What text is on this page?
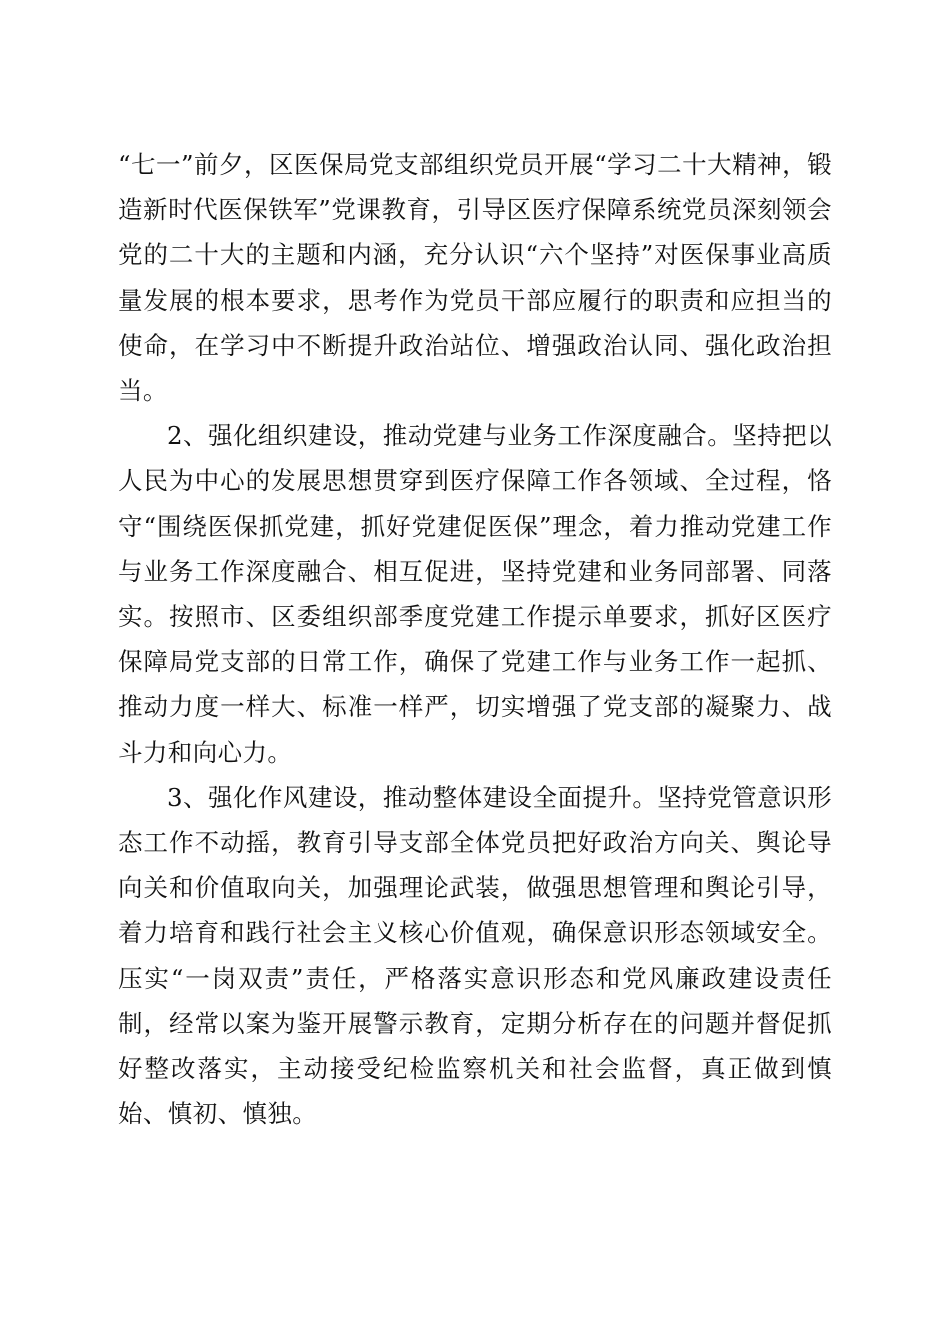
“七一”前夕，区医保局党支部组织党员开展“学习二十大精神，锻造新时代医保铁军”党课教育，引导区医疗保障系统党员深刻领会党的二十大的主题和内涵，充分认识“六个坚持”对医保事业高质量发展的根本要求，思考作为党员干部应履行的职责和应担当的使命，在学习中不断提升政治站位、增强政治认同、强化政治担当。

2、强化组织建设，推动党建与业务工作深度融合。坚持把以人民为中心的发展思想贯穿到医疗保障工作各领域、全过程，恪守“围绕医保抓党建，抓好党建促医保”理念，着力推动党建工作与业务工作深度融合、相互促进，坚持党建和业务同部署、同落实。按照市、区委组织部季度党建工作提示单要求，抓好区医疗保障局党支部的日常工作，确保了党建工作与业务工作一起抓、推动力度一样大、标准一样严，切实增强了党支部的凝聚力、战斗力和向心力。

3、强化作风建设，推动整体建设全面提升。坚持党管意识形态工作不动摇，教育引导支部全体党员把好政治方向关、舆论导向关和价值取向关，加强理论武装，做强思想管理和舆论引导，着力培育和践行社会主义核心价值观，确保意识形态领域安全。压实“一岗双责”责任，严格落实意识形态和党风廉政建设责任制，经常以案为鉴开展警示教育，定期分析存在的问题并督促抓好整改落实，主动接受纪检监察机关和社会监督，真正做到慎始、慎初、慎独。
